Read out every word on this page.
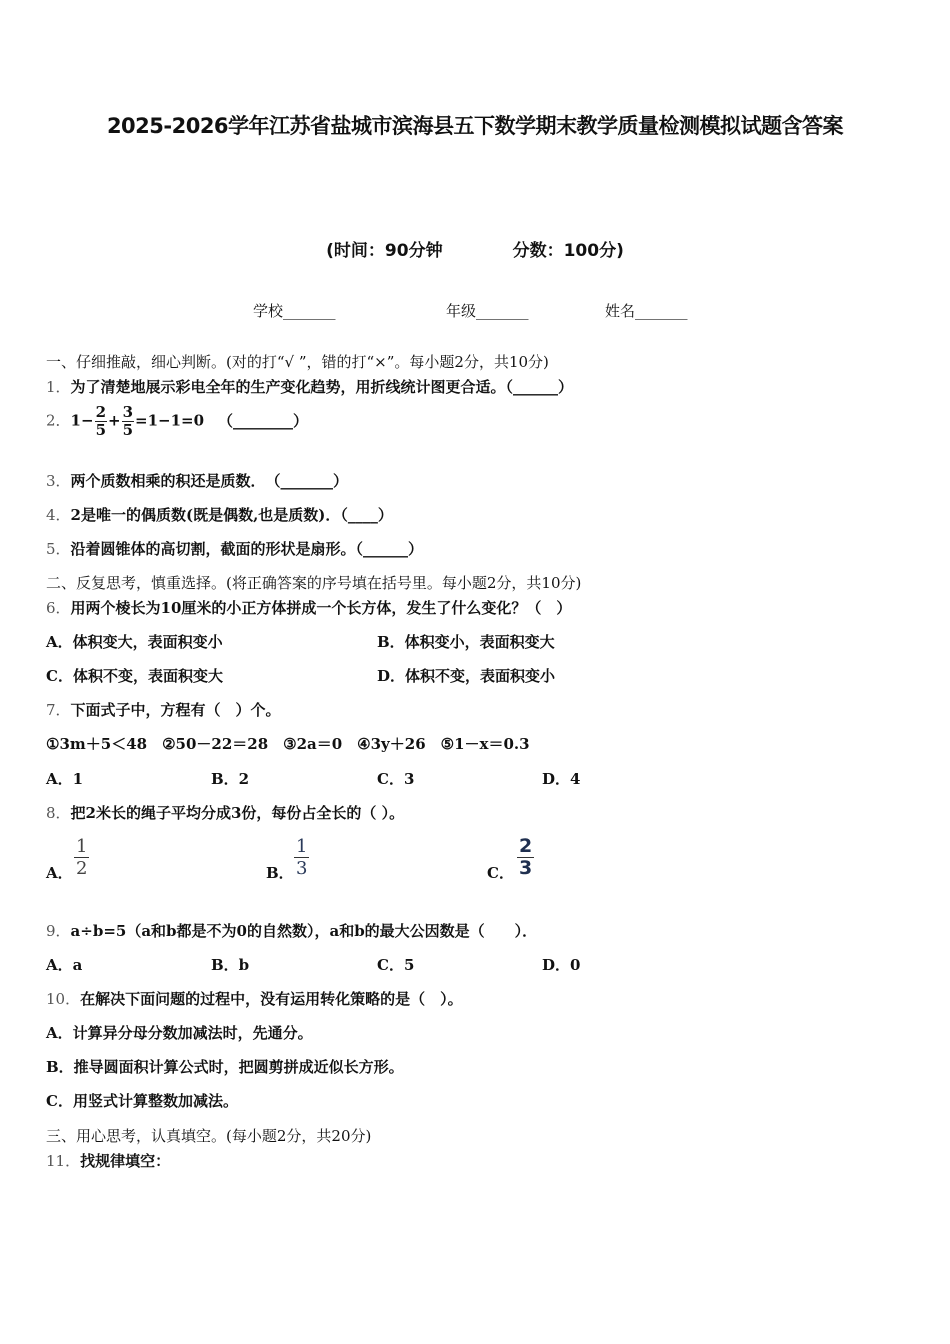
2025-2026学年江苏省盐城市滨海县五下数学期末教学质量检测模拟试题含答案
(时间：90分钟	分数：100分)
学校_______	年级_______	姓名_______
一、仔细推敲，细心判断。(对的打“√ ”，错的打“×”。每小题2分，共10分)
1．为了清楚地展示彩电全年的生产变化趋势，用折线统计图更合适。（______）
2．$1- \frac{2}{5} + \frac{3}{5} =1-1=0$ （________）
3．两个质数相乘的积还是质数．　（_______）
4．2是唯一的偶质数(既是偶数,也是质数)．（____）
5．沿着圆锥体的高切割，截面的形状是扇形。（______）
二、反复思考，慎重选择。(将正确答案的序号填在括号里。每小题2分，共10分)
6．用两个棱长为10厘米的小正方体拼成一个长方体，发生了什么变化？（　）
A．体积变大，表面积变小	B．体积变小，表面积变大
C．体积不变，表面积变大	D．体积不变，表面积变小
7．下面式子中，方程有（　）个。
①3m＋5＜48　②50－22＝28　③2a＝0　④3y＋26　⑤1－x＝0.3
A．1	B．2	C．3	D．4
8．把2米长的绳子平均分成3份，每份占全长的（ ）。
A． $\frac{1}{2}$	B． $\frac{1}{3}$	C． $\frac{2}{3}$
9．a÷b=5（a和b都是不为0的自然数），a和b的最大公因数是（　　）．
A．a	B．b	C．5	D．0
10．在解决下面问题的过程中，没有运用转化策略的是（　）。
A．计算异分母分数加减法时，先通分。
B．推导圆面积计算公式时，把圆剪拼成近似长方形。
C．用竖式计算整数加减法。
三、用心思考，认真填空。(每小题2分，共20分)
11．找规律填空：
